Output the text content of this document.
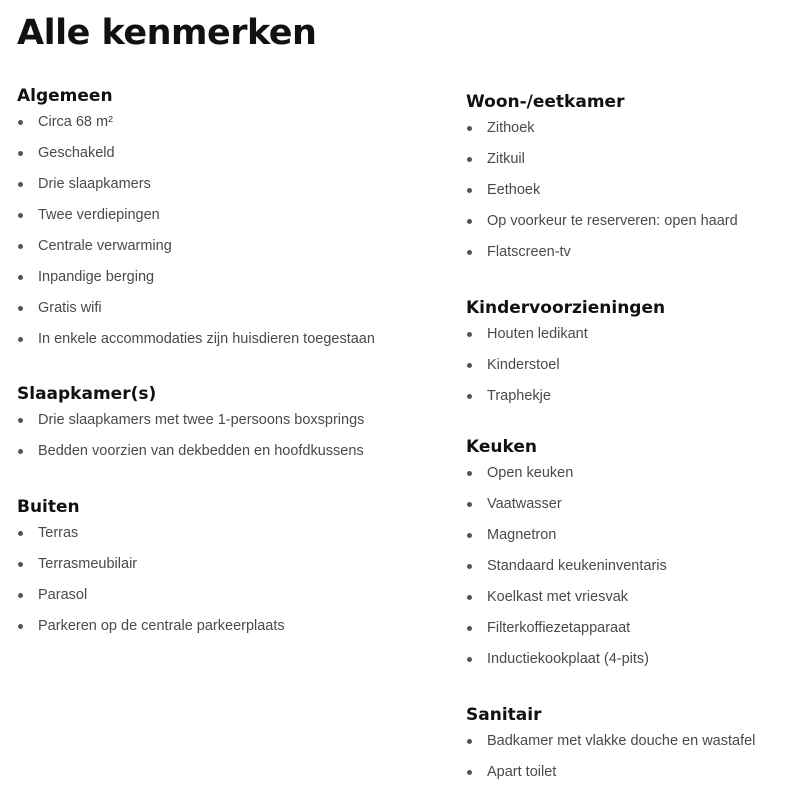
Alle kenmerken
Algemeen
Circa 68 m²
Geschakeld
Drie slaapkamers
Twee verdiepingen
Centrale verwarming
Inpandige berging
Gratis wifi
In enkele accommodaties zijn huisdieren toegestaan
Slaapkamer(s)
Drie slaapkamers met twee 1-persoons boxsprings
Bedden voorzien van dekbedden en hoofdkussens
Buiten
Terras
Terrasmeubilair
Parasol
Parkeren op de centrale parkeerplaats
Woon-/eetkamer
Zithoek
Zitkuil
Eethoek
Op voorkeur te reserveren: open haard
Flatscreen-tv
Kindervoorzieningen
Houten ledikant
Kinderstoel
Traphekje
Keuken
Open keuken
Vaatwasser
Magnetron
Standaard keukeninventaris
Koelkast met vriesvak
Filterkoffiezetapparaat
Inductiekookplaat (4-pits)
Sanitair
Badkamer met vlakke douche en wastafel
Apart toilet
